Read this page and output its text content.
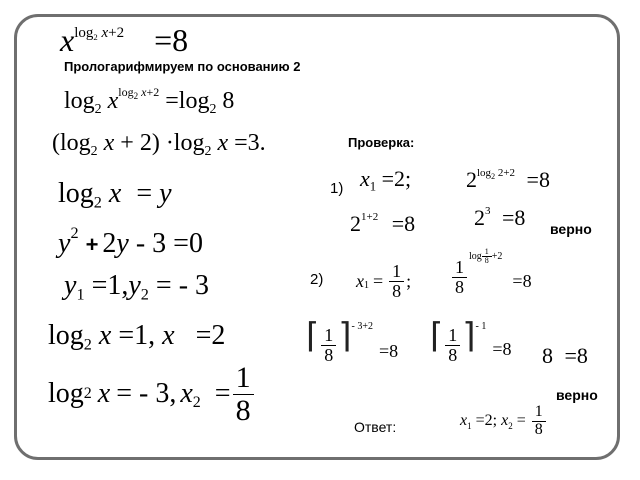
$x^{log_2 x+2} =8$
Прологарифмируем по основанию 2
$\log_2 x^{log_2 x+2} =\log_2$ 8
($\log_2$ $x + 2) \cdot\log_2$ x =3.	Проверка:
$\log_2 x = y$
$y^2 + 2y - 3 =0$
$y_1 =1,y_2$ = - 3
$\log_2 x =1$, x =2
log 2 x = - 3, x $2 = \frac{1}{8}$
1) $x_1 =2$; $2^{log_2 2+2} =8$
$2^{1+2} =8$	$2^3 =8$ верно
2) x $1 = \frac{1}{8}$ ; $\frac{1}{8}$
$\log \frac{1}{8} +2$
=8
⌈ $\frac{1}{8}$ ⌉ - 3+2
=8 ⌈ $\frac{1}{8}$ ⌉ - 1
=8 8 =8
верно
Ответ:	x 1 =2; x $2 = \frac{1}{8}$
